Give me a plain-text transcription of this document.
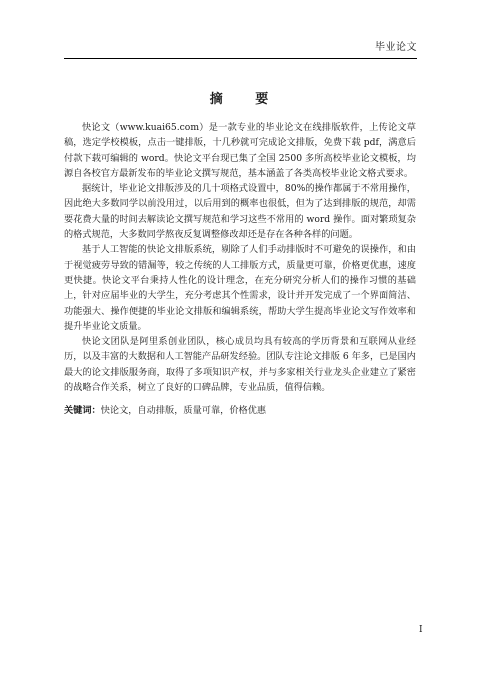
毕业论文
摘 要

快论文（www.kuai65.com）是一款专业的毕业论文在线排版软件，上传论文草稿，选定学校模板，点击一键排版，十几秒就可完成论文排版，免费下载 pdf，满意后付款下载可编辑的 word。快论文平台现已集了全国 2500 多所高校毕业论文模板，均源自各校官方最新发布的毕业论文撰写规范，基本涵盖了各类高校毕业论文格式要求。

据统计，毕业论文排版涉及的几十项格式设置中，80%的操作都属于不常用操作，因此绝大多数同学以前没用过，以后用到的概率也很低，但为了达到排版的规范，却需要花费大量的时间去解读论文撰写规范和学习这些不常用的 word 操作。面对繁琐复杂的格式规范，大多数同学熬夜反复调整修改却还是存在各种各样的问题。

基于人工智能的快论文排版系统，剔除了人们手动排版时不可避免的误操作，和由于视觉疲劳导致的错漏等，较之传统的人工排版方式，质量更可靠，价格更优惠，速度更快捷。快论文平台秉持人性化的设计理念，在充分研究分析人们的操作习惯的基础上，针对应届毕业的大学生，充分考虑其个性需求，设计并开发完成了一个界面简洁、功能强大、操作便捷的毕业论文排版和编辑系统，帮助大学生提高毕业论文写作效率和提升毕业论文质量。

快论文团队是阿里系创业团队，核心成员均具有较高的学历背景和互联网从业经历，以及丰富的大数据和人工智能产品研发经验。团队专注论文排版 6 年多，已是国内最大的论文排版服务商，取得了多项知识产权，并与多家相关行业龙头企业建立了紧密的战略合作关系，树立了良好的口碑品牌，专业品质，值得信赖。

关键词：快论文，自动排版，质量可靠，价格优惠

I
